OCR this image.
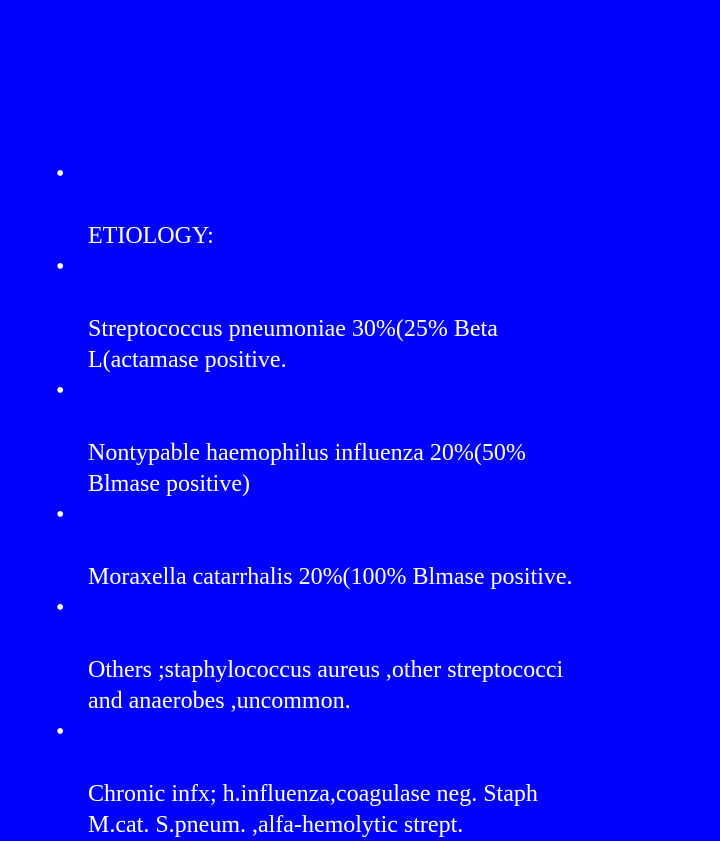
•

ETIOLOGY:

•

Streptococcus pneumoniae 30%(25% Beta
L(actamase positive.

•

Nontypable haemophilus influenza 20%(50%
Blmase positive)

•

Moraxella catarrhalis 20%(100% Blmase positive.

•

Others ;staphylococcus aureus ,other streptococci
and anaerobes ,uncommon.

•

Chronic infx; h.influenza,coagulase neg. Staph
M.cat. S.pneum. ,alfa-hemolytic strept.
